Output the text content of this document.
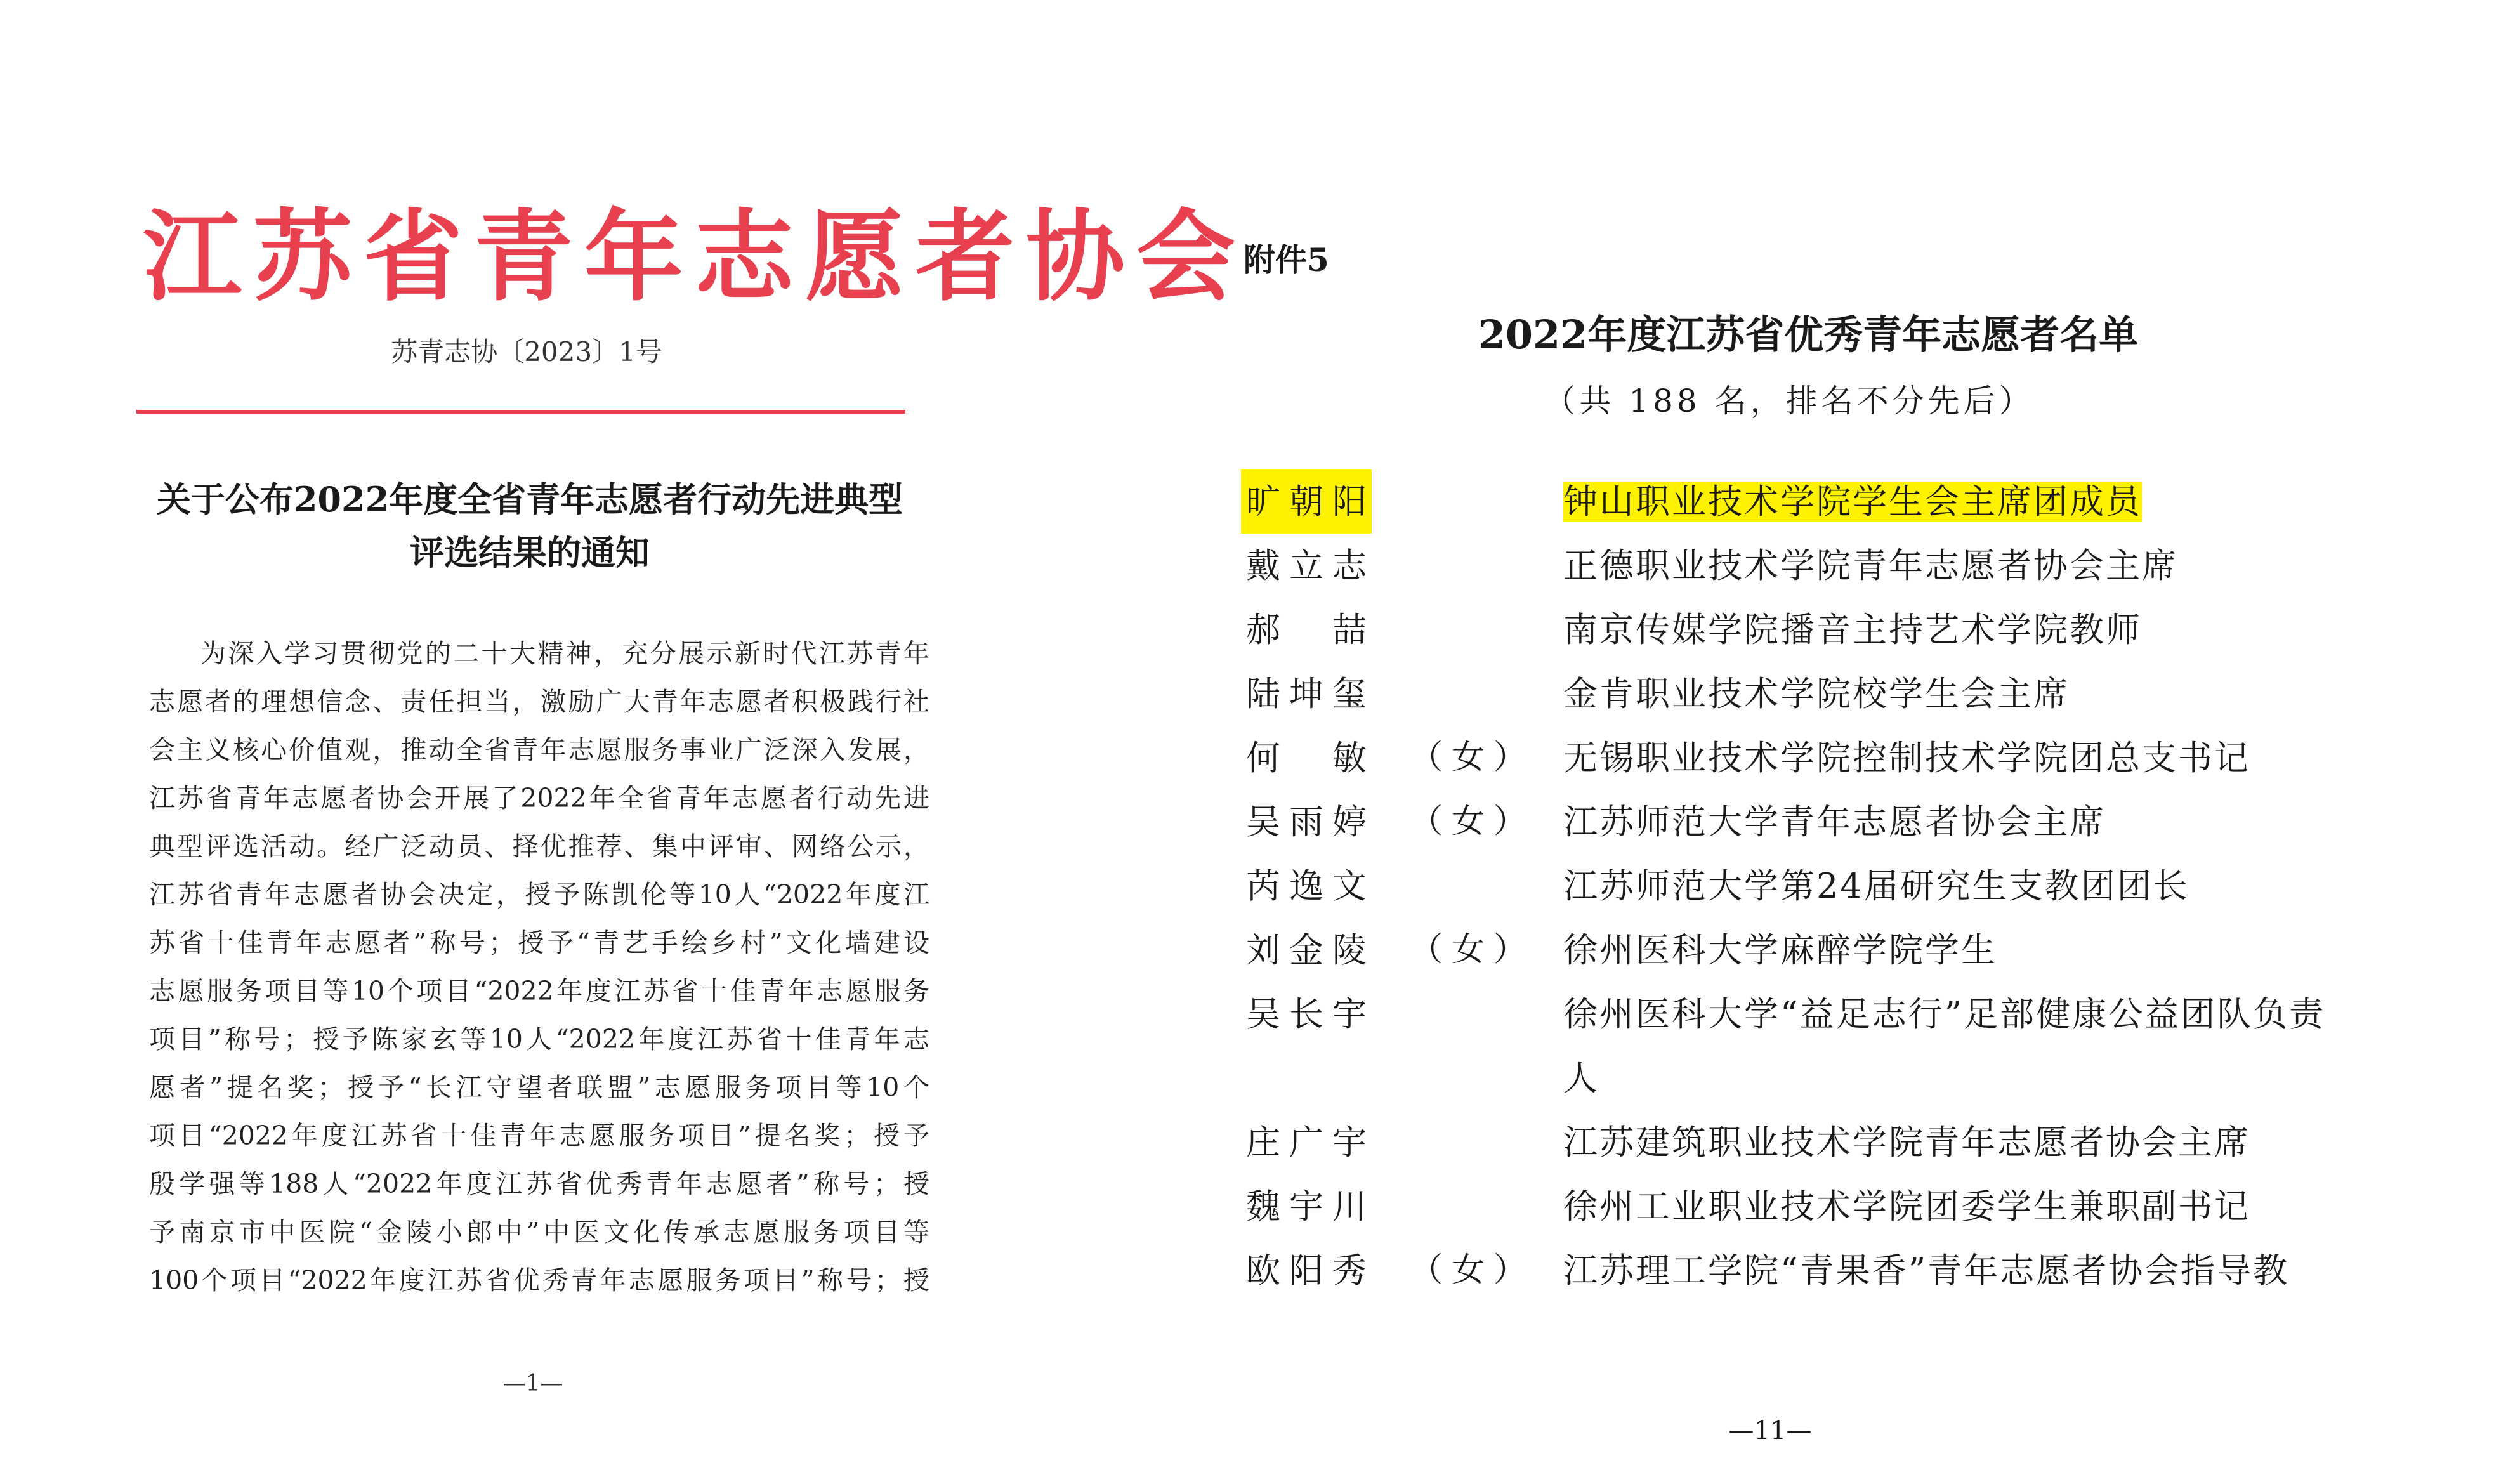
江苏省青年志愿者协会
苏青志协〔2023〕1号
关于公布2022年度全省青年志愿者行动先进典型
评选结果的通知
为深入学习贯彻党的二十大精神，充分展示新时代江苏青年
志愿者的理想信念、责任担当，激励广大青年志愿者积极践行社
会主义核心价值观，推动全省青年志愿服务事业广泛深入发展，
江苏省青年志愿者协会开展了2022年全省青年志愿者行动先进
典型评选活动。经广泛动员、择优推荐、集中评审、网络公示，
江苏省青年志愿者协会决定，授予陈凯伦等10人“2022年度江
苏省十佳青年志愿者”称号；授予“青艺手绘乡村”文化墙建设
志愿服务项目等10个项目“2022年度江苏省十佳青年志愿服务
项目”称号；授予陈家玄等10人“2022年度江苏省十佳青年志
愿者”提名奖；授予“长江守望者联盟”志愿服务项目等10个
项目“2022年度江苏省十佳青年志愿服务项目”提名奖；授予
殷学强等188人“2022年度江苏省优秀青年志愿者”称号；授
予南京市中医院“金陵小郎中”中医文化传承志愿服务项目等
100个项目“2022年度江苏省优秀青年志愿服务项目”称号；授
—1—
附件5
2022年度江苏省优秀青年志愿者名单
（共 188 名，排名不分先后）
旷朝阳	钟山职业技术学院学生会主席团成员
戴立志	正德职业技术学院青年志愿者协会主席
郝喆	南京传媒学院播音主持艺术学院教师
陆坤玺	金肯职业技术学院校学生会主席
何敏 （女） 无锡职业技术学院控制技术学院团总支书记
吴雨婷 （女） 江苏师范大学青年志愿者协会主席
芮逸文	江苏师范大学第24届研究生支教团团长
刘金陵 （女） 徐州医科大学麻醉学院学生
吴长宇	徐州医科大学“益足志行”足部健康公益团队负责人
庄广宇	江苏建筑职业技术学院青年志愿者协会主席
魏宇川	徐州工业职业技术学院团委学生兼职副书记
欧阳秀 （女） 江苏理工学院“青果香”青年志愿者协会指导教
—11—
